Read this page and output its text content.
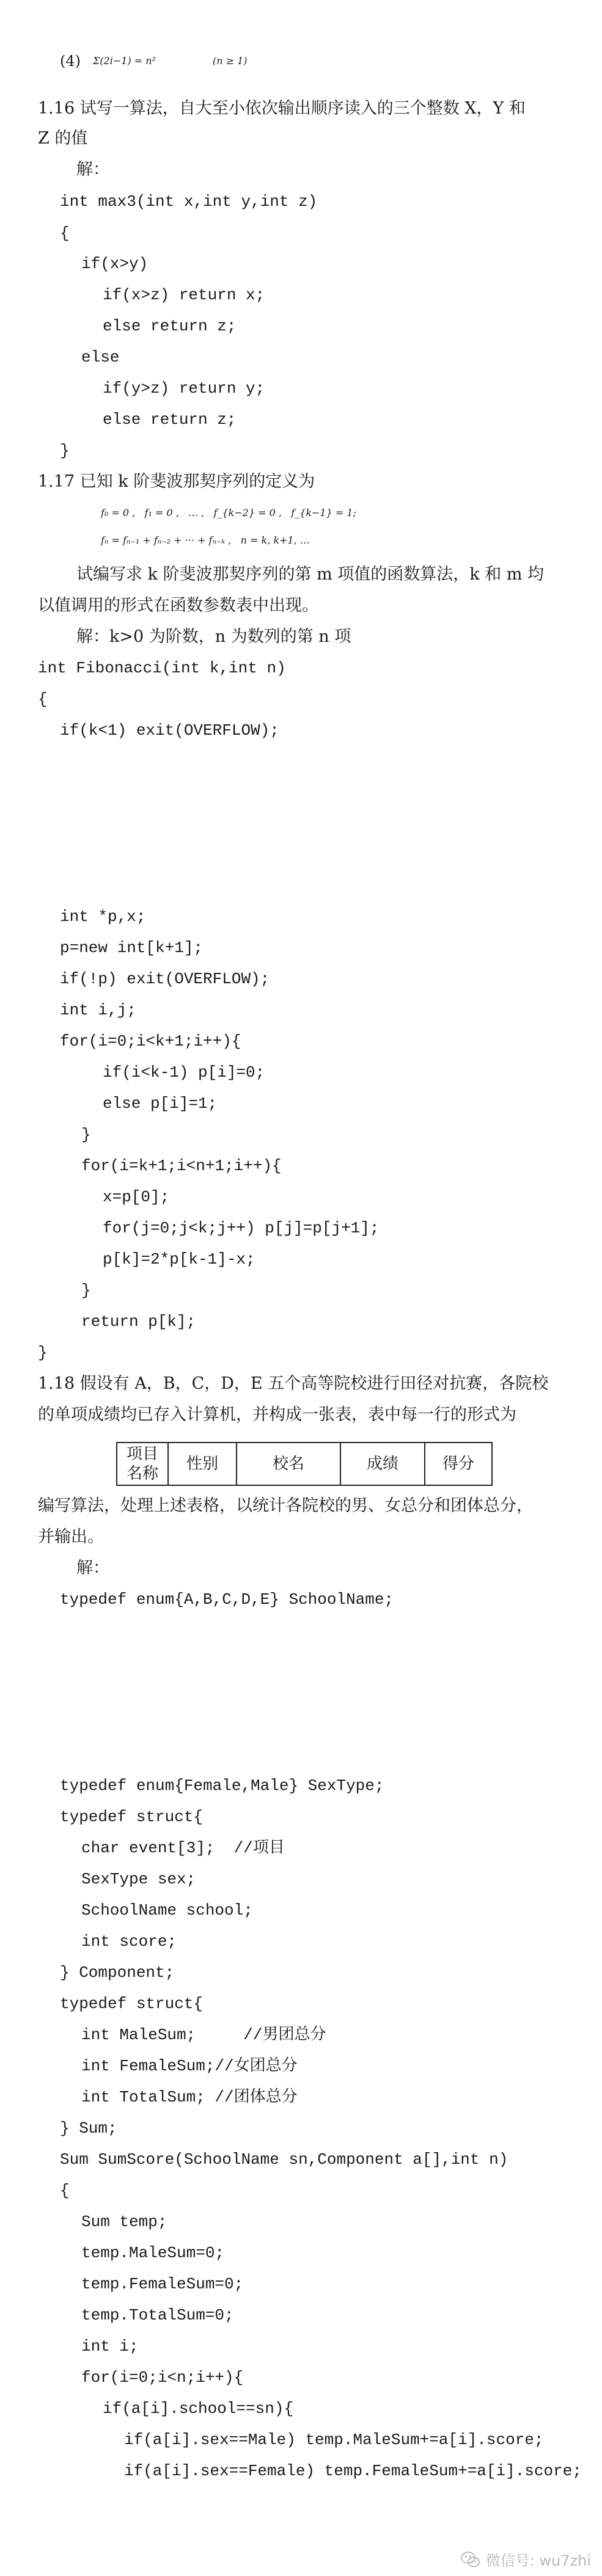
(4) Σ(2i−1) = n²	(n ≥ 1)
1.16 试写一算法，自大至小依次输出顺序读入的三个整数 X，Y 和
Z 的值
解：
int max3(int x,int y,int z)
{
if(x>y)
if(x>z) return x;
else return z;
else
if(y>z) return y;
else return z;
}
1.17 已知 k 阶斐波那契序列的定义为
f₀ = 0 ,   f₁ = 0 ,   … ,   f_{k−2} = 0 ,   f_{k−1} = 1;
fₙ = fₙ₋₁ + fₙ₋₂ + ··· + fₙ₋ₖ ,   n = k, k+1, …
试编写求 k 阶斐波那契序列的第 m 项值的函数算法，k 和 m 均
以值调用的形式在函数参数表中出现。
解：k>0 为阶数，n 为数列的第 n 项
int Fibonacci(int k,int n)
{
if(k<1) exit(OVERFLOW);
int *p,x;
p=new int[k+1];
if(!p) exit(OVERFLOW);
int i,j;
for(i=0;i<k+1;i++){
if(i<k-1) p[i]=0;
else p[i]=1;
}
for(i=k+1;i<n+1;i++){
x=p[0];
for(j=0;j<k;j++) p[j]=p[j+1];
p[k]=2*p[k-1]-x;
}
return p[k];
}
1.18 假设有 A，B，C，D，E 五个高等院校进行田径对抗赛，各院校
的单项成绩均已存入计算机，并构成一张表，表中每一行的形式为
项目名称	性别	校名	成绩	得分
编写算法，处理上述表格，以统计各院校的男、女总分和团体总分，
并输出。
解：
typedef enum{A,B,C,D,E} SchoolName;
typedef enum{Female,Male} SexType;
typedef struct{
char event[3];  //项目
SexType sex;
SchoolName school;
int score;
} Component;
typedef struct{
int MaleSum;     //男团总分
int FemaleSum;//女团总分
int TotalSum; //团体总分
} Sum;
Sum SumScore(SchoolName sn,Component a[],int n)
{
Sum temp;
temp.MaleSum=0;
temp.FemaleSum=0;
temp.TotalSum=0;
int i;
for(i=0;i<n;i++){
if(a[i].school==sn){
if(a[i].sex==Male) temp.MaleSum+=a[i].score;
if(a[i].sex==Female) temp.FemaleSum+=a[i].score;
微信号: wu7zhi
